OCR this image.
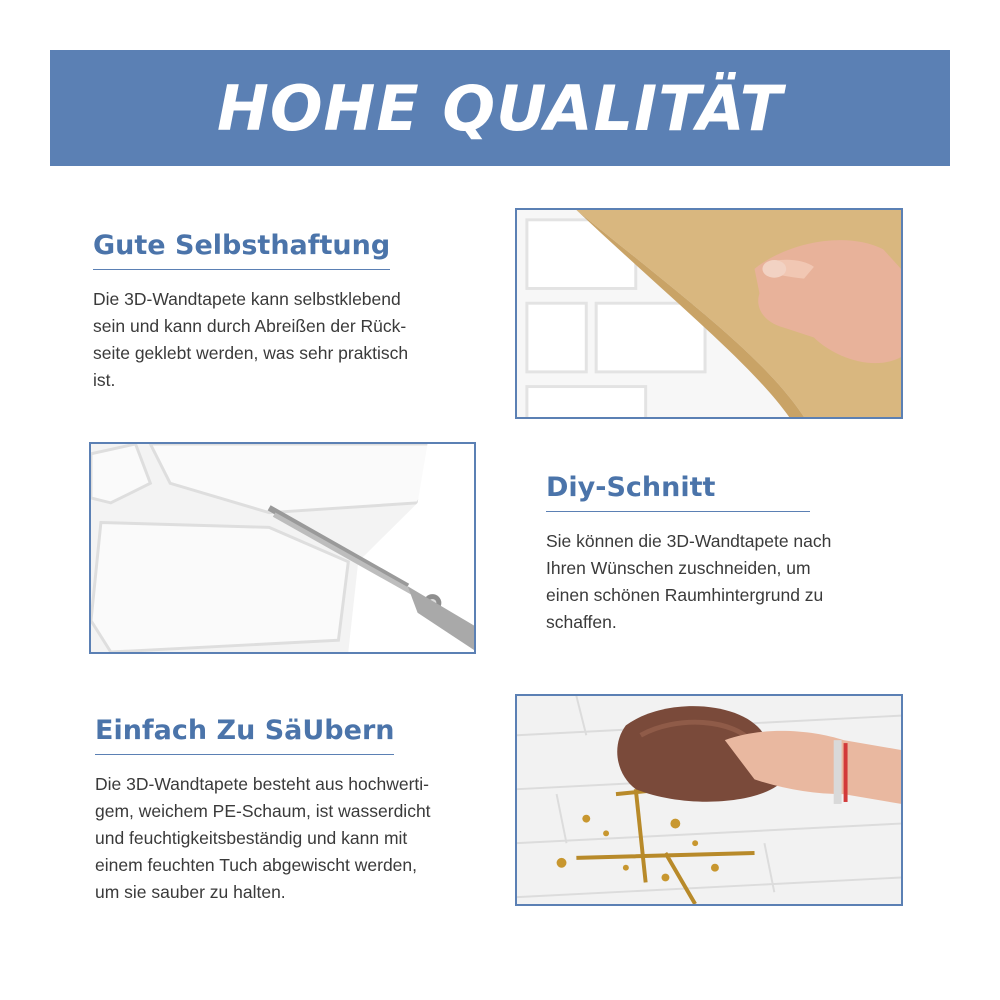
HOHE QUALITÄT
Gute Selbsthaftung

Die 3D-Wandtapete kann selbstklebend
sein und kann durch Abreißen der Rück-
seite geklebt werden, was sehr praktisch
ist.

Diy-Schnitt

Sie können die 3D-Wandtapete nach
Ihren Wünschen zuschneiden, um
einen schönen Raumhintergrund zu
schaffen.

Einfach Zu SäUbern

Die 3D-Wandtapete besteht aus hochwerti-
gem, weichem PE-Schaum, ist wasserdicht
und feuchtigkeitsbeständig und kann mit
einem feuchten Tuch abgewischt werden,
um sie sauber zu halten.
